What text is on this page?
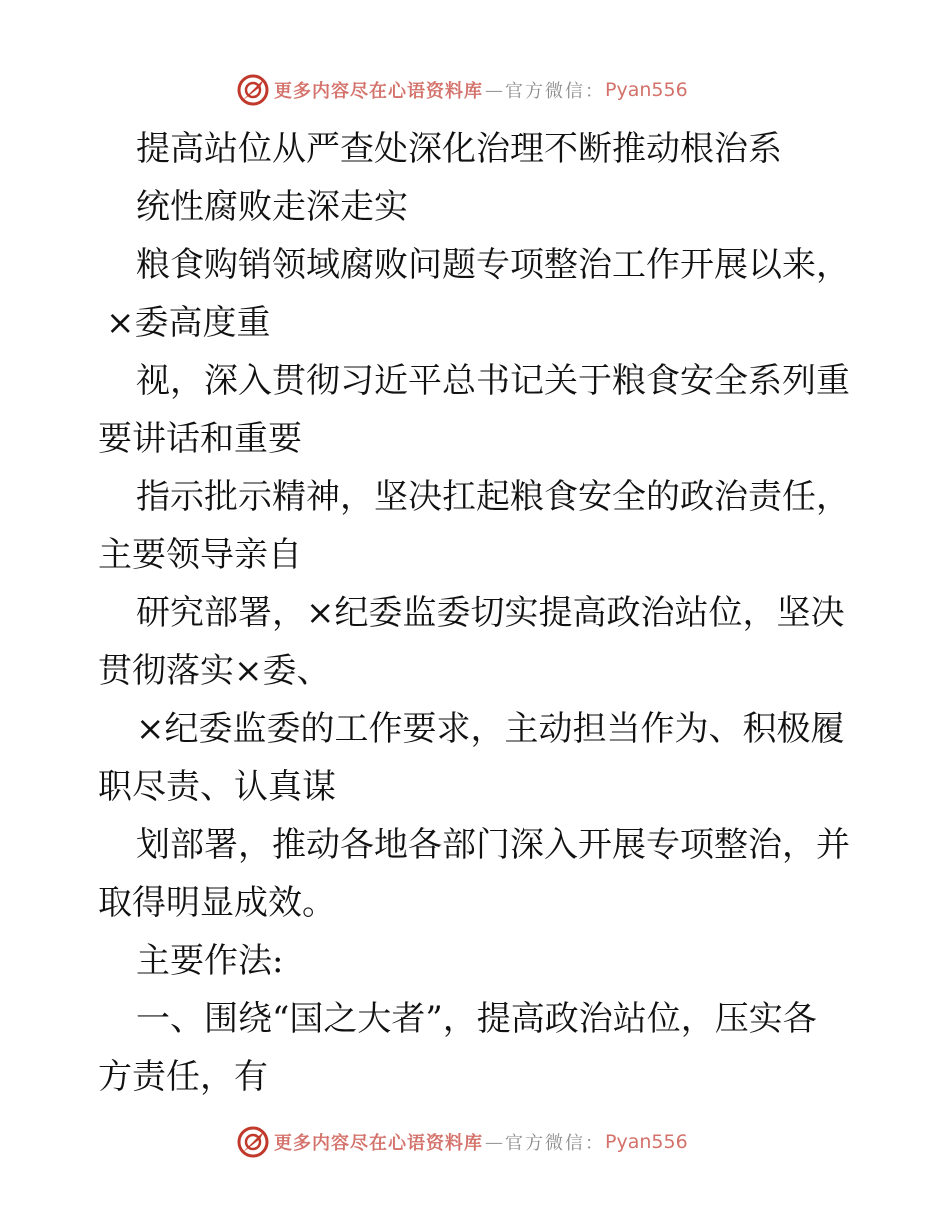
更多内容尽在心语资料库 — 官方微信： Pyan556
提高站位从严查处深化治理不断推动根治系
统性腐败走深走实
粮食购销领域腐败问题专项整治工作开展以来，
×委高度重
视，深入贯彻习近平总书记关于粮食安全系列重
要讲话和重要
指示批示精神，坚决扛起粮食安全的政治责任，
主要领导亲自
研究部署，×纪委监委切实提高政治站位，坚决
贯彻落实×委、
×纪委监委的工作要求，主动担当作为、积极履
职尽责、认真谋
划部署，推动各地各部门深入开展专项整治，并
取得明显成效。
主要作法:
一、围绕“国之大者”，提高政治站位，压实各
方责任，有
更多内容尽在心语资料库 — 官方微信： Pyan556
